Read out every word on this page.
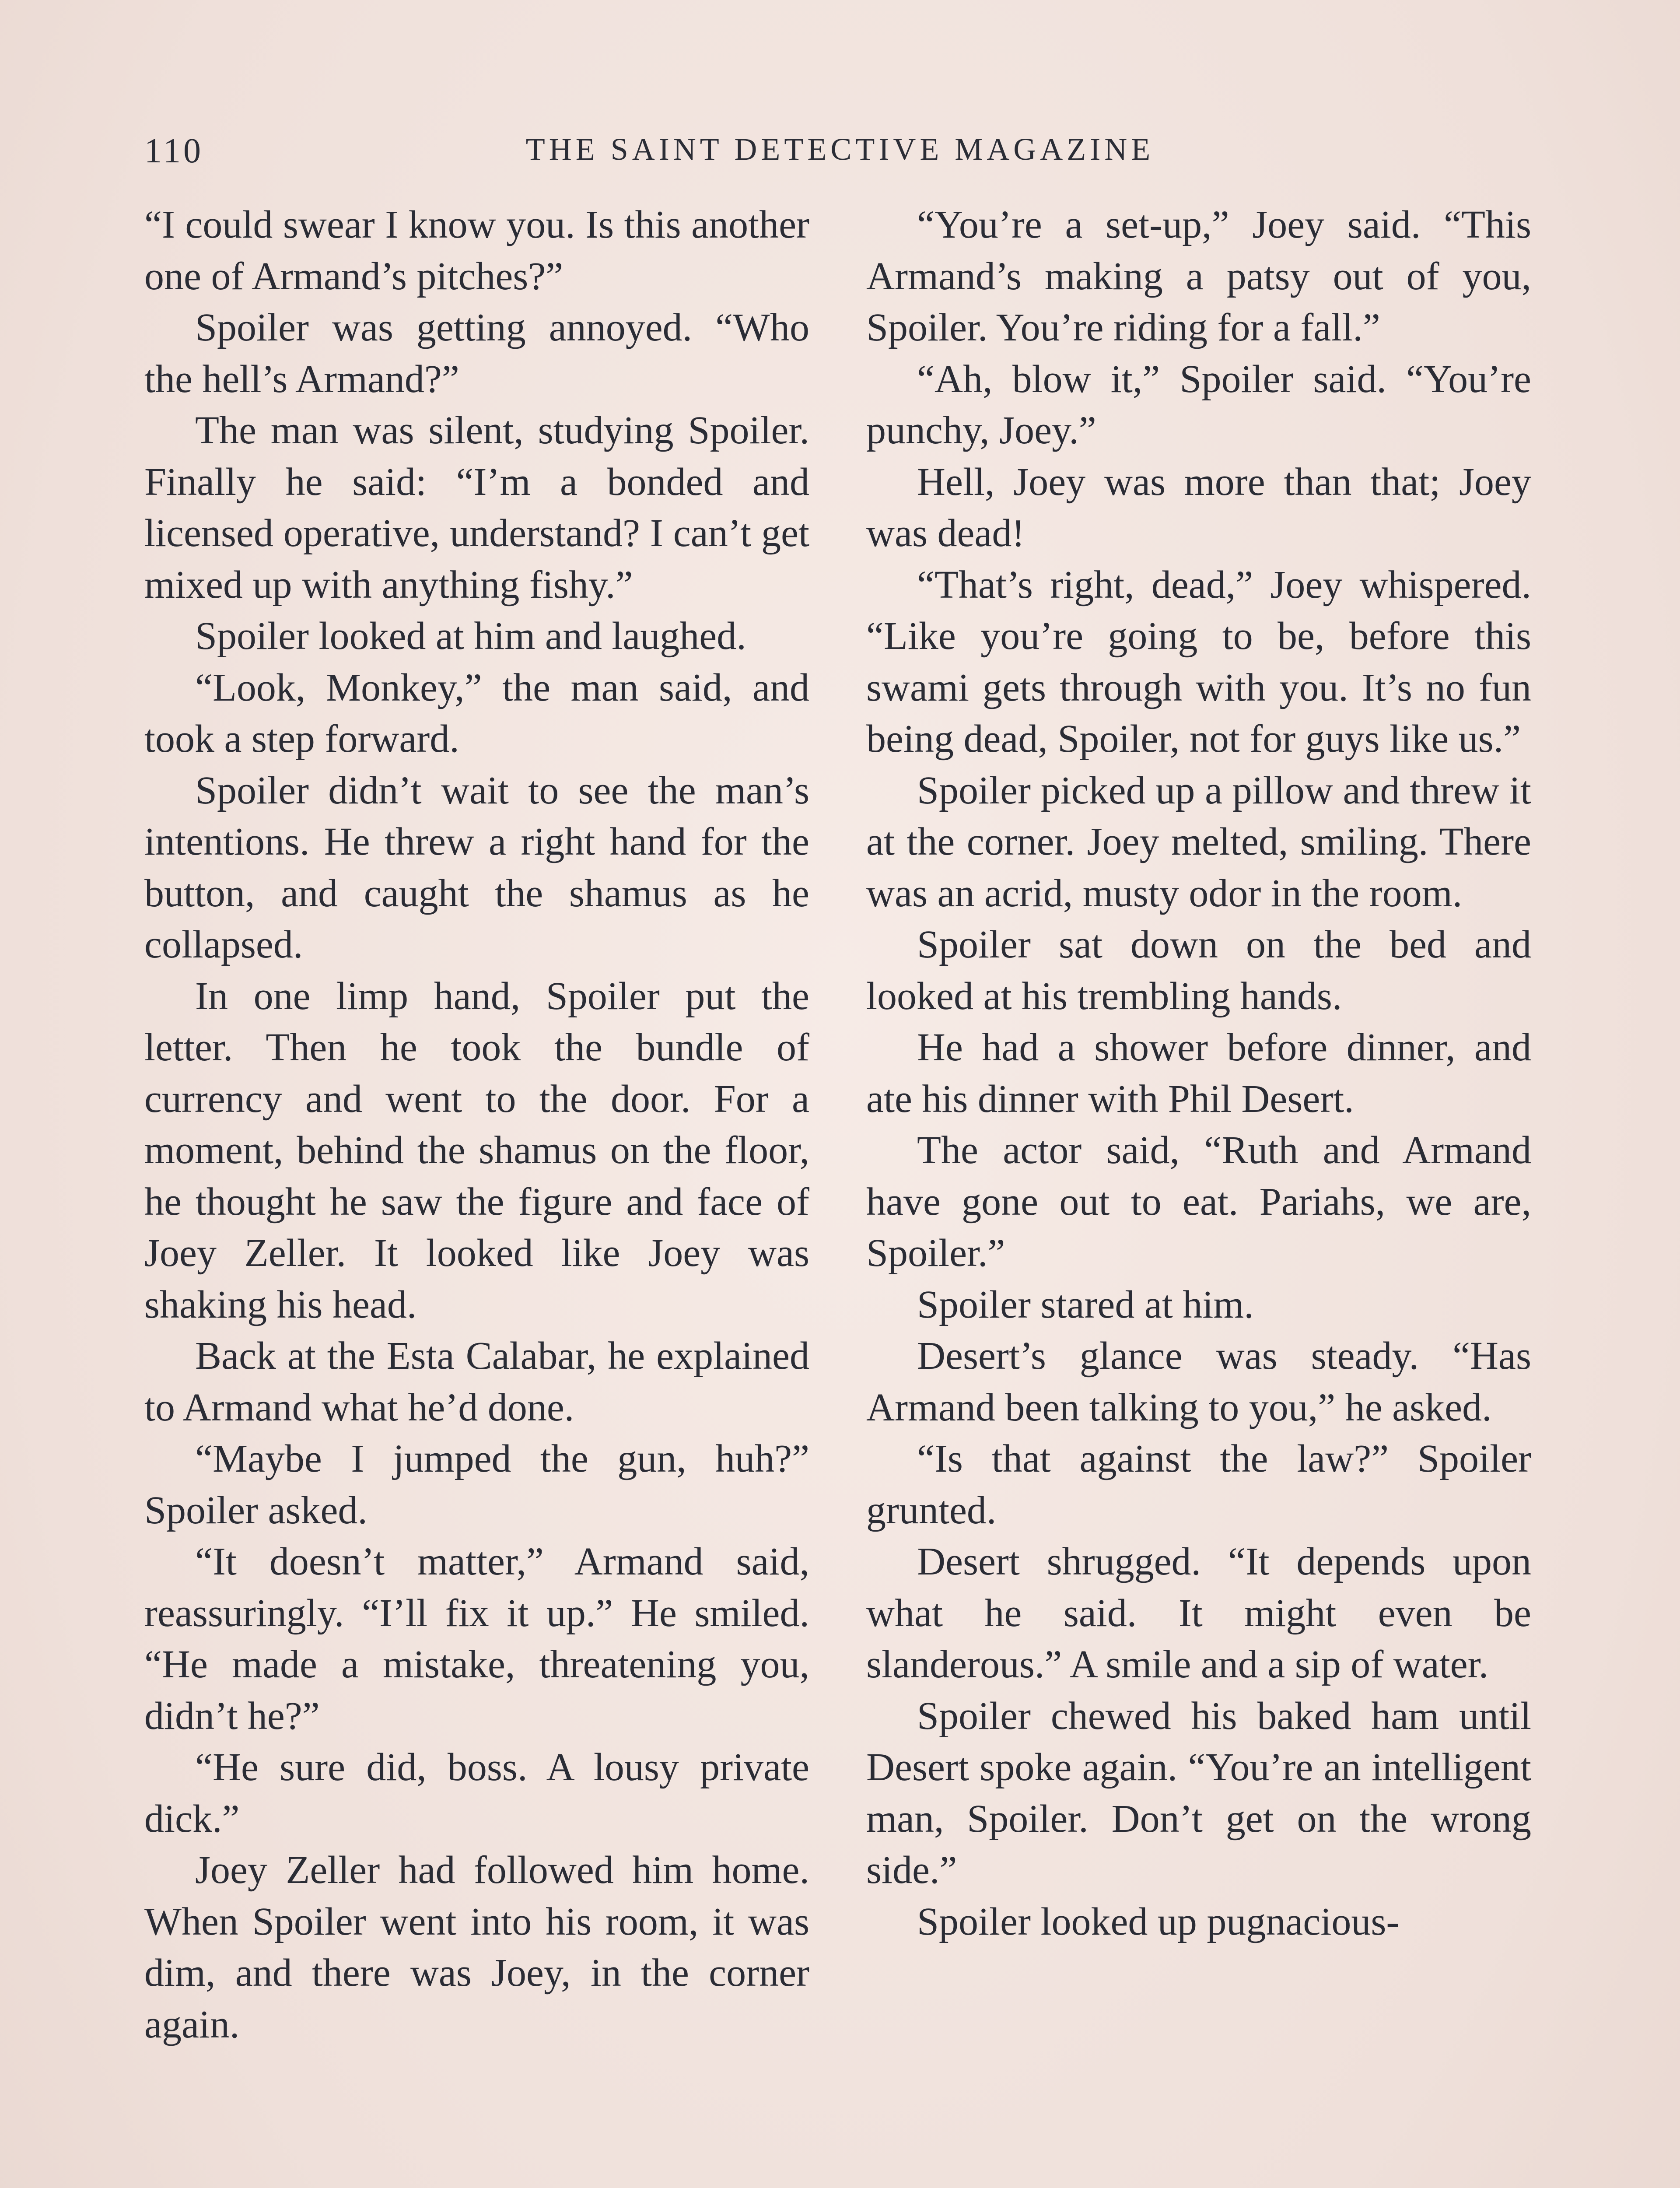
110	THE SAINT DETECTIVE MAGAZINE

“I could swear I know you. Is this another one of Armand’s pitches?”

Spoiler was getting annoyed. “Who the hell’s Armand?”

The man was silent, studying Spoiler. Finally he said: “I’m a bonded and licensed operative, understand? I can’t get mixed up with anything fishy.”

Spoiler looked at him and laughed.

“Look, Monkey,” the man said, and took a step forward.

Spoiler didn’t wait to see the man’s intentions. He threw a right hand for the button, and caught the shamus as he collapsed.

In one limp hand, Spoiler put the letter. Then he took the bundle of currency and went to the door. For a moment, behind the shamus on the floor, he thought he saw the figure and face of Joey Zeller. It looked like Joey was shaking his head.

Back at the Esta Calabar, he explained to Armand what he’d done.

“Maybe I jumped the gun, huh?” Spoiler asked.

“It doesn’t matter,” Armand said, reassuringly. “I’ll fix it up.” He smiled. “He made a mistake, threatening you, didn’t he?”

“He sure did, boss. A lousy private dick.”

Joey Zeller had followed him home. When Spoiler went into his room, it was dim, and there was Joey, in the corner again.

“You’re a set-up,” Joey said. “This Armand’s making a patsy out of you, Spoiler. You’re riding for a fall.”

“Ah, blow it,” Spoiler said. “You’re punchy, Joey.”

Hell, Joey was more than that; Joey was dead!

“That’s right, dead,” Joey whispered. “Like you’re going to be, before this swami gets through with you. It’s no fun being dead, Spoiler, not for guys like us.”

Spoiler picked up a pillow and threw it at the corner. Joey melted, smiling. There was an acrid, musty odor in the room.

Spoiler sat down on the bed and looked at his trembling hands.

He had a shower before dinner, and ate his dinner with Phil Desert.

The actor said, “Ruth and Armand have gone out to eat. Pariahs, we are, Spoiler.”

Spoiler stared at him.

Desert’s glance was steady. “Has Armand been talking to you,” he asked.

“Is that against the law?” Spoiler grunted.

Desert shrugged. “It depends upon what he said. It might even be slanderous.” A smile and a sip of water.

Spoiler chewed his baked ham until Desert spoke again. “You’re an intelligent man, Spoiler. Don’t get on the wrong side.”

Spoiler looked up pugnacious-
